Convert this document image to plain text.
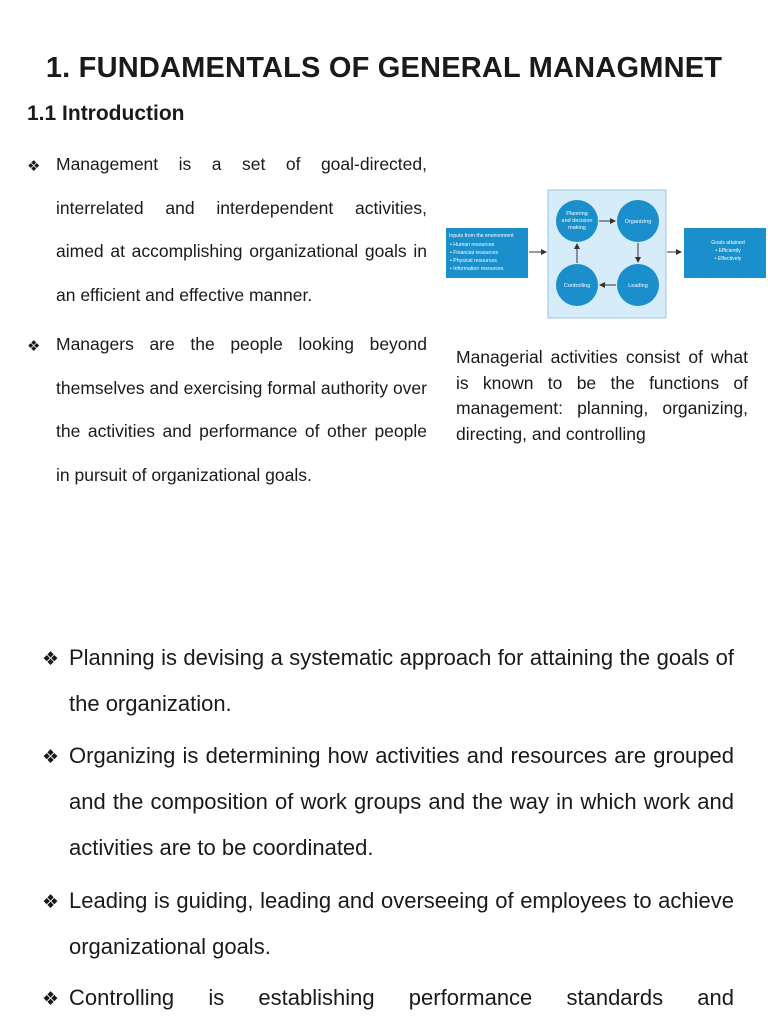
1. FUNDAMENTALS OF GENERAL MANAGMNET
1.1 Introduction
❖ Management is a set of goal-directed, interrelated and interdependent activities, aimed at accomplishing organizational goals in an efficient and effective manner.
❖ Managers are the people looking beyond themselves and exercising formal authority over the activities and performance of other people in pursuit of organizational goals.
Inputs from the environment
• Human resources
• Financial resources
• Physical resources
• Information resources
Planning
and decision
making
Organizing
Leading
Controlling
Goals attained
• Efficiently
• Effectively
Managerial activities consist of what is known to be the functions of management: planning, organizing, directing, and controlling
❖ Planning is devising a systematic approach for attaining the goals of the organization.
❖ Organizing is determining how activities and resources are grouped and the composition of work groups and the way in which work and activities are to be coordinated.
❖ Leading is guiding, leading and overseeing of employees to achieve organizational goals.
❖ Controlling is establishing performance standards and
